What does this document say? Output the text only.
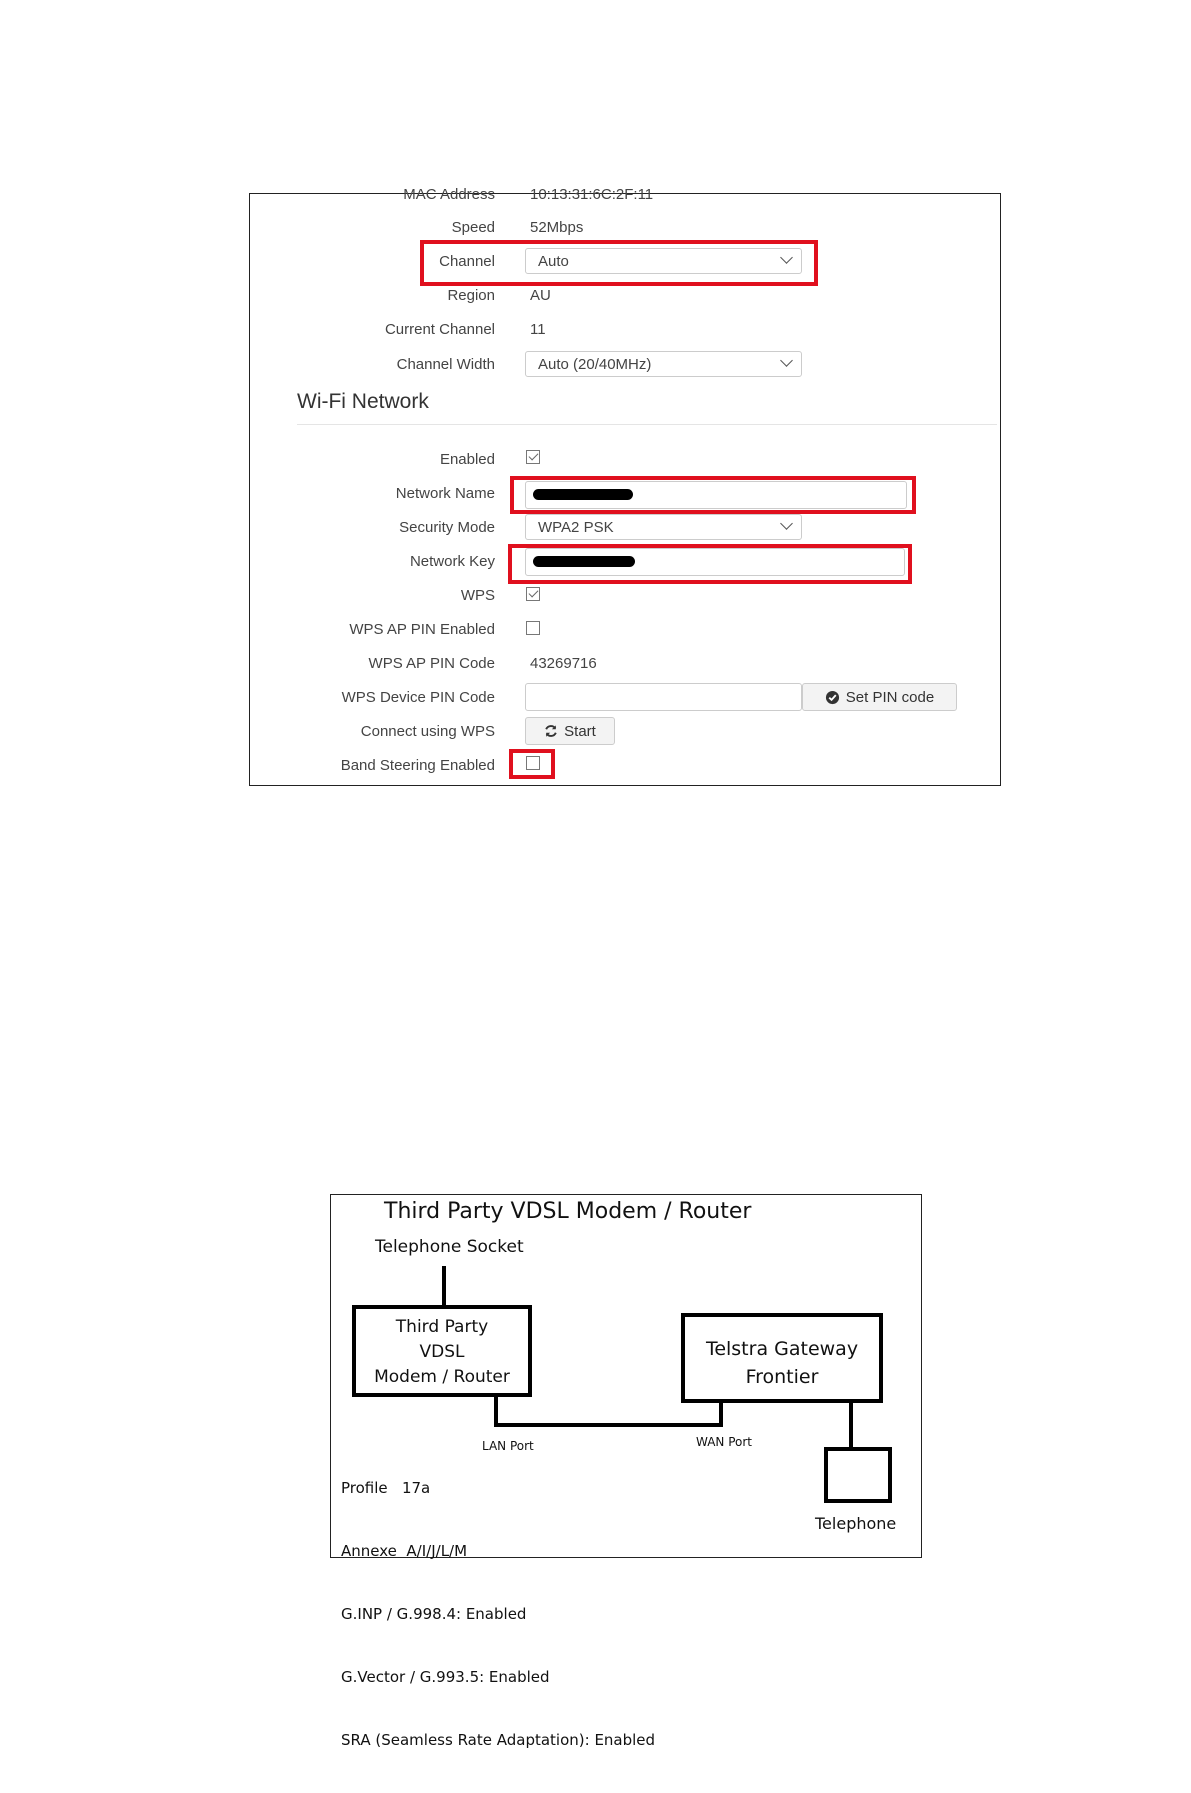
MAC Address 10:13:31:6C:2F:11
Speed 52Mbps
Channel	Auto
Region AU
Current Channel 11
Channel Width	Auto (20/40MHz)
Wi-Fi Network
Enabled
Network Name
Security Mode	WPA2 PSK
Network Key
WPS
WPS AP PIN Enabled
WPS AP PIN Code 43269716
WPS Device PIN Code	Set PIN code
Connect using WPS	Start
Band Steering Enabled
Third Party VDSL Modem / Router
Telephone Socket
Third Party
VDSL
Modem / Router
Telstra Gateway
Frontier
LAN Port	WAN Port
Telephone

Profile   17a

Annexe  A/I/J/L/M

G.INP / G.998.4: Enabled

G.Vector / G.993.5: Enabled

SRA (Seamless Rate Adaptation): Enabled
